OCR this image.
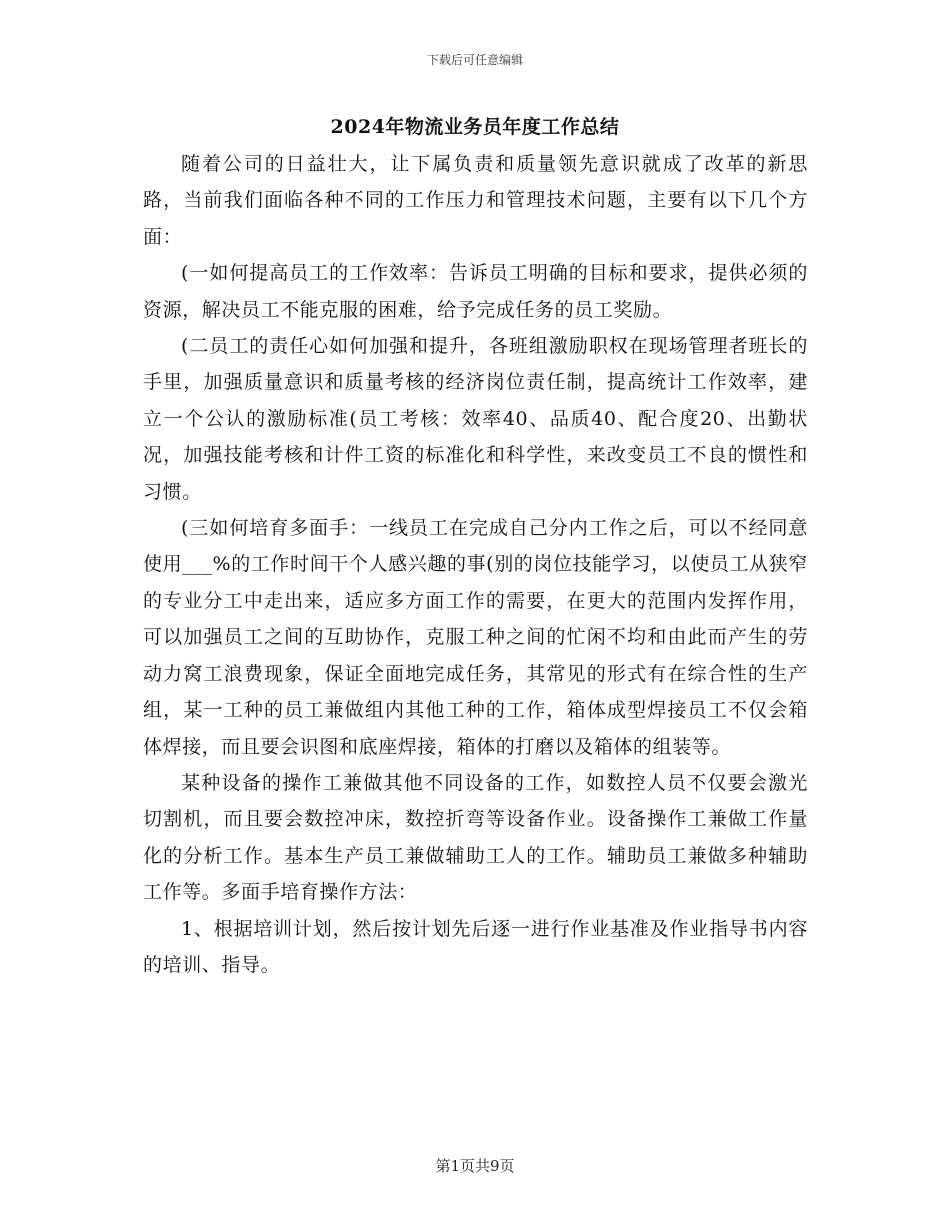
下载后可任意编辑
2024年物流业务员年度工作总结

随着公司的日益壮大，让下属负责和质量领先意识就成了改革的新思路，当前我们面临各种不同的工作压力和管理技术问题，主要有以下几个方面：

(一如何提高员工的工作效率：告诉员工明确的目标和要求，提供必须的资源，解决员工不能克服的困难，给予完成任务的员工奖励。

(二员工的责任心如何加强和提升，各班组激励职权在现场管理者班长的手里，加强质量意识和质量考核的经济岗位责任制，提高统计工作效率，建立一个公认的激励标准(员工考核：效率40、品质40、配合度20、出勤状况，加强技能考核和计件工资的标准化和科学性，来改变员工不良的惯性和习惯。

(三如何培育多面手：一线员工在完成自己分内工作之后，可以不经同意使用___%的工作时间干个人感兴趣的事(别的岗位技能学习，以使员工从狭窄的专业分工中走出来，适应多方面工作的需要，在更大的范围内发挥作用，可以加强员工之间的互助协作，克服工种之间的忙闲不均和由此而产生的劳动力窝工浪费现象，保证全面地完成任务，其常见的形式有在综合性的生产组，某一工种的员工兼做组内其他工种的工作，箱体成型焊接员工不仅会箱体焊接，而且要会识图和底座焊接，箱体的打磨以及箱体的组装等。

某种设备的操作工兼做其他不同设备的工作，如数控人员不仅要会激光切割机，而且要会数控冲床，数控折弯等设备作业。设备操作工兼做工作量化的分析工作。基本生产员工兼做辅助工人的工作。辅助员工兼做多种辅助工作等。多面手培育操作方法：

1、根据培训计划，然后按计划先后逐一进行作业基准及作业指导书内容的培训、指导。

第1页共9页
